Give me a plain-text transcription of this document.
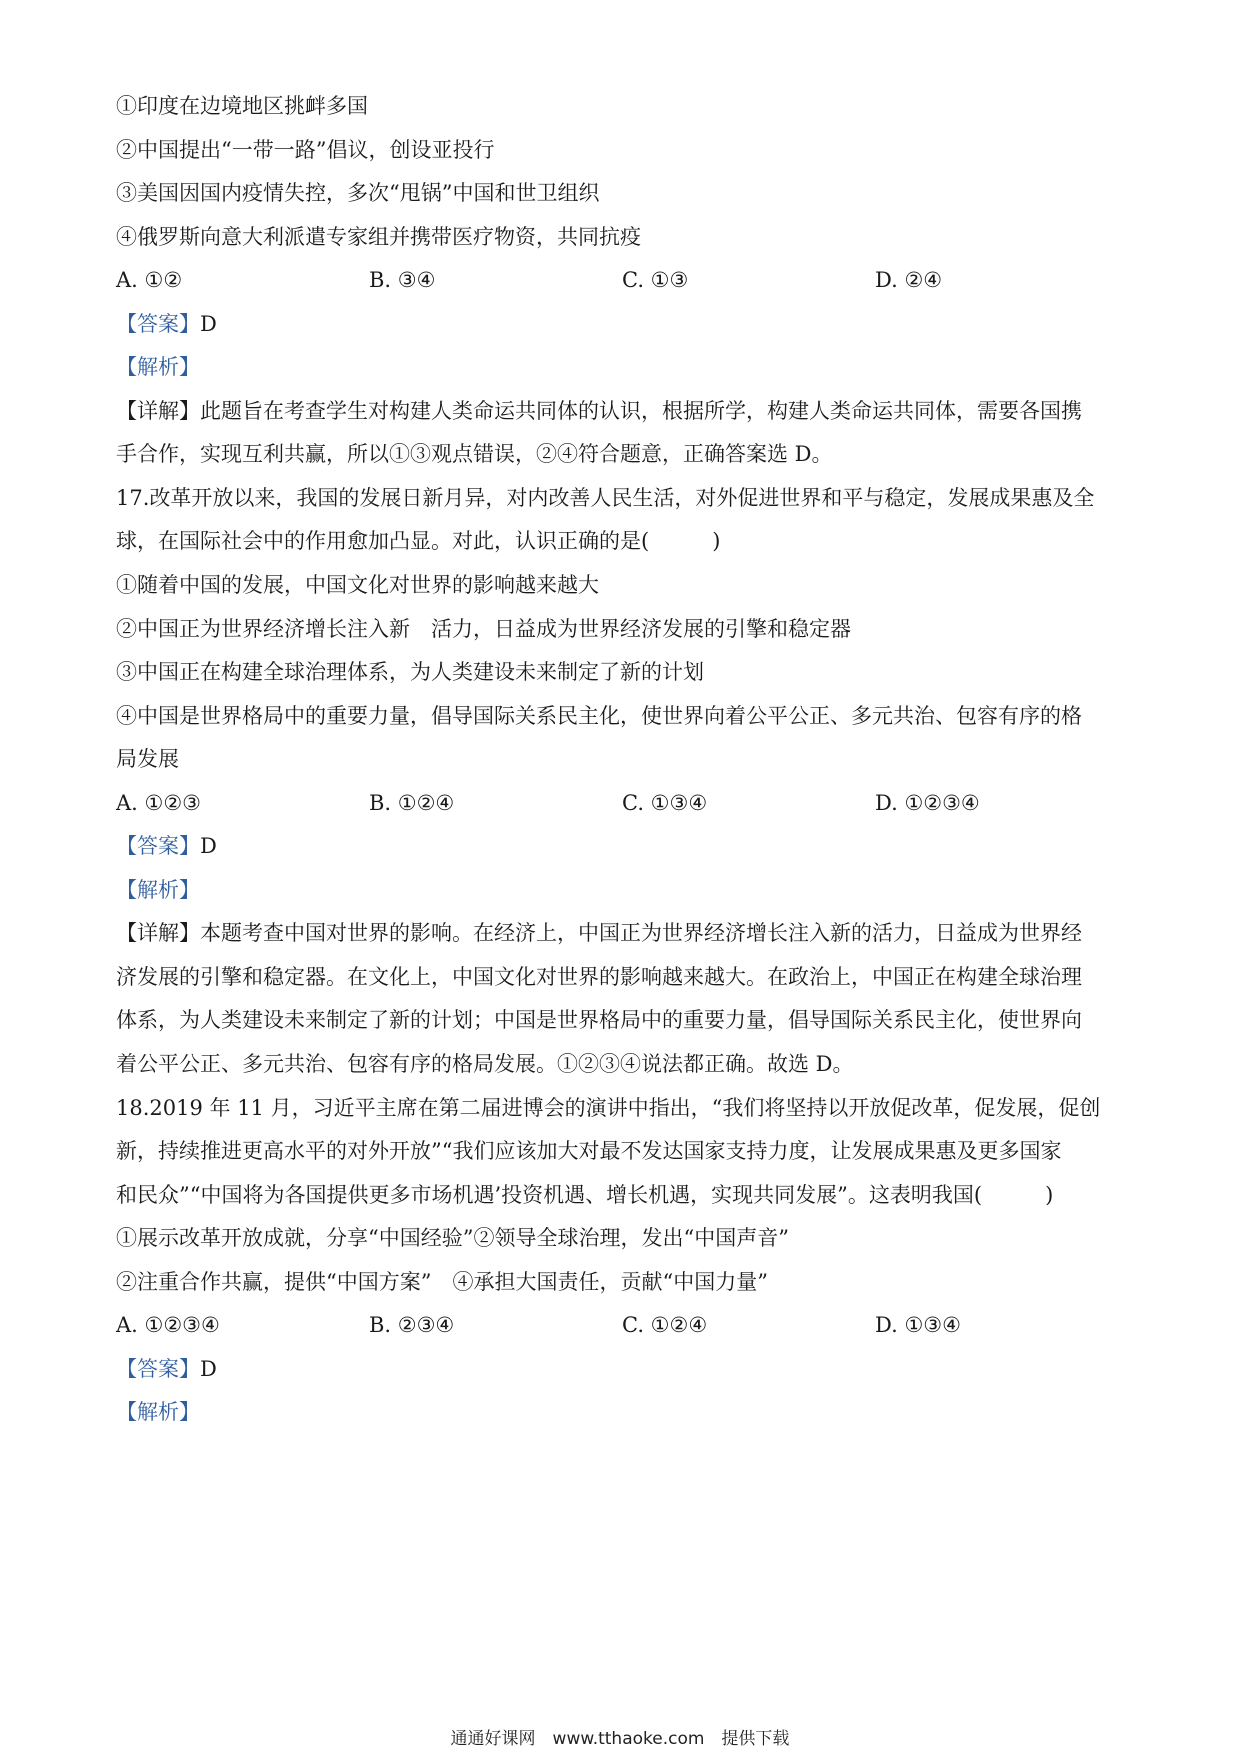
①印度在边境地区挑衅多国
②中国提出“一带一路”倡议，创设亚投行
③美国因国内疫情失控，多次“甩锅”中国和世卫组织
④俄罗斯向意大利派遣专家组并携带医疗物资，共同抗疫
A. ①②	B. ③④	C. ①③	D. ②④
【答案】D
【解析】
【详解】此题旨在考查学生对构建人类命运共同体的认识，根据所学，构建人类命运共同体，需要各国携
手合作，实现互利共赢，所以①③观点错误，②④符合题意，正确答案选 D。
17.改革开放以来，我国的发展日新月异，对内改善人民生活，对外促进世界和平与稳定，发展成果惠及全
球，在国际社会中的作用愈加凸显。对此，认识正确的是(　　　)
①随着中国的发展，中国文化对世界的影响越来越大
②中国正为世界经济增长注入新　活力，日益成为世界经济发展的引擎和稳定器
③中国正在构建全球治理体系，为人类建设未来制定了新的计划
④中国是世界格局中的重要力量，倡导国际关系民主化，使世界向着公平公正、多元共治、包容有序的格
局发展
A. ①②③	B. ①②④	C. ①③④	D. ①②③④
【答案】D
【解析】
【详解】本题考查中国对世界的影响。在经济上，中国正为世界经济增长注入新的活力，日益成为世界经
济发展的引擎和稳定器。在文化上，中国文化对世界的影响越来越大。在政治上，中国正在构建全球治理
体系，为人类建设未来制定了新的计划；中国是世界格局中的重要力量，倡导国际关系民主化，使世界向
着公平公正、多元共治、包容有序的格局发展。①②③④说法都正确。故选 D。
18.2019 年 11 月，习近平主席在第二届进博会的演讲中指出，“我们将坚持以开放促改革，促发展，促创
新，持续推进更高水平的对外开放”“我们应该加大对最不发达国家支持力度，让发展成果惠及更多国家
和民众”“中国将为各国提供更多市场机遇’投资机遇、增长机遇，实现共同发展”。这表明我国(　　　)
①展示改革开放成就，分享“中国经验”②领导全球治理，发出“中国声音”
②注重合作共赢，提供“中国方案”　④承担大国责任，贡献“中国力量”
A. ①②③④	B. ②③④	C. ①②④	D. ①③④
【答案】D
【解析】
通通好课网　www.tthaoke.com　提供下载
